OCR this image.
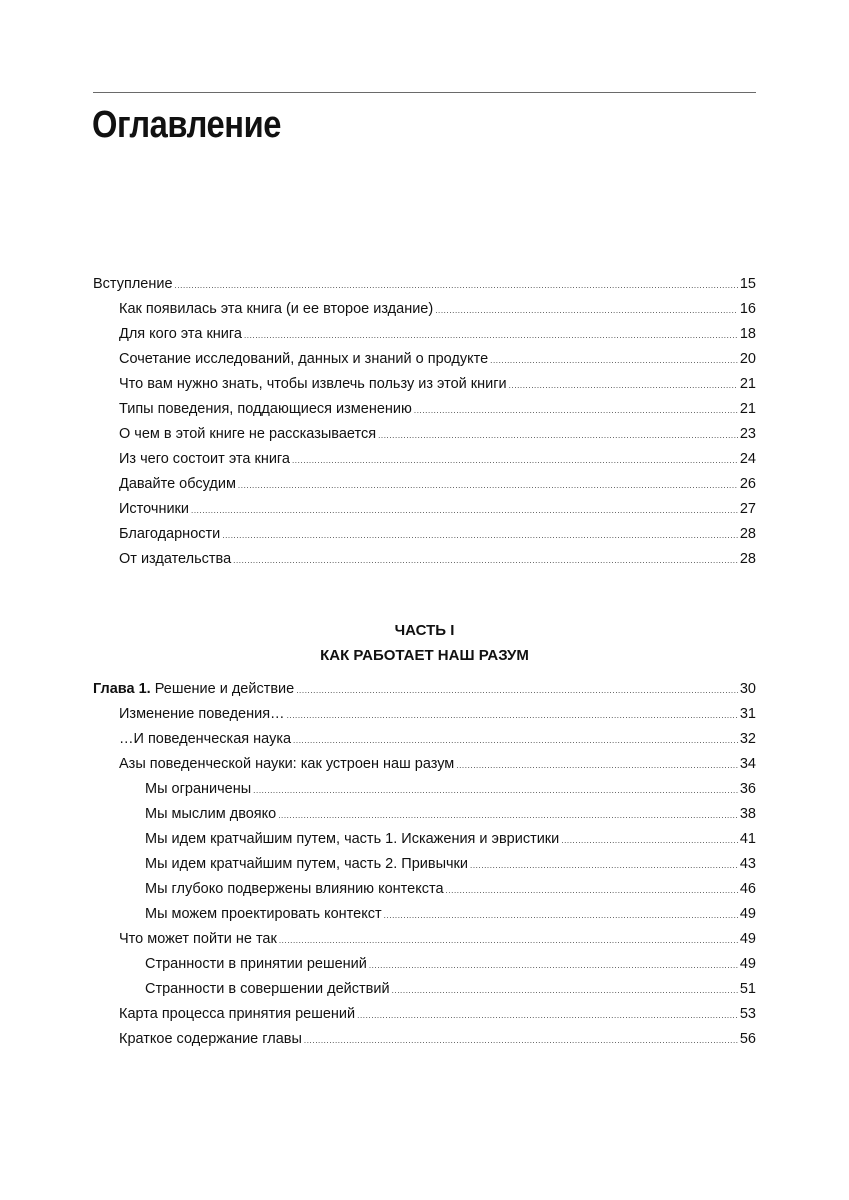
Оглавление
Вступление .....	15
Как появилась эта книга (и ее второе издание) .....	16
Для кого эта книга .....	18
Сочетание исследований, данных и знаний о продукте .....	20
Что вам нужно знать, чтобы извлечь пользу из этой книги .....	21
Типы поведения, поддающиеся изменению .....	21
О чем в этой книге не рассказывается .....	23
Из чего состоит эта книга .....	24
Давайте обсудим .....	26
Источники .....	27
Благодарности .....	28
От издательства .....	28
ЧАСТЬ I
КАК РАБОТАЕТ НАШ РАЗУМ
Глава 1. Решение и действие .....	30
Изменение поведения… .....	31
…И поведенческая наука .....	32
Азы поведенческой науки: как устроен наш разум .....	34
Мы ограничены .....	36
Мы мыслим двояко .....	38
Мы идем кратчайшим путем, часть 1. Искажения и эвристики .....	41
Мы идем кратчайшим путем, часть 2. Привычки .....	43
Мы глубоко подвержены влиянию контекста .....	46
Мы можем проектировать контекст .....	49
Что может пойти не так .....	49
Странности в принятии решений .....	49
Странности в совершении действий .....	51
Карта процесса принятия решений .....	53
Краткое содержание главы .....	56
